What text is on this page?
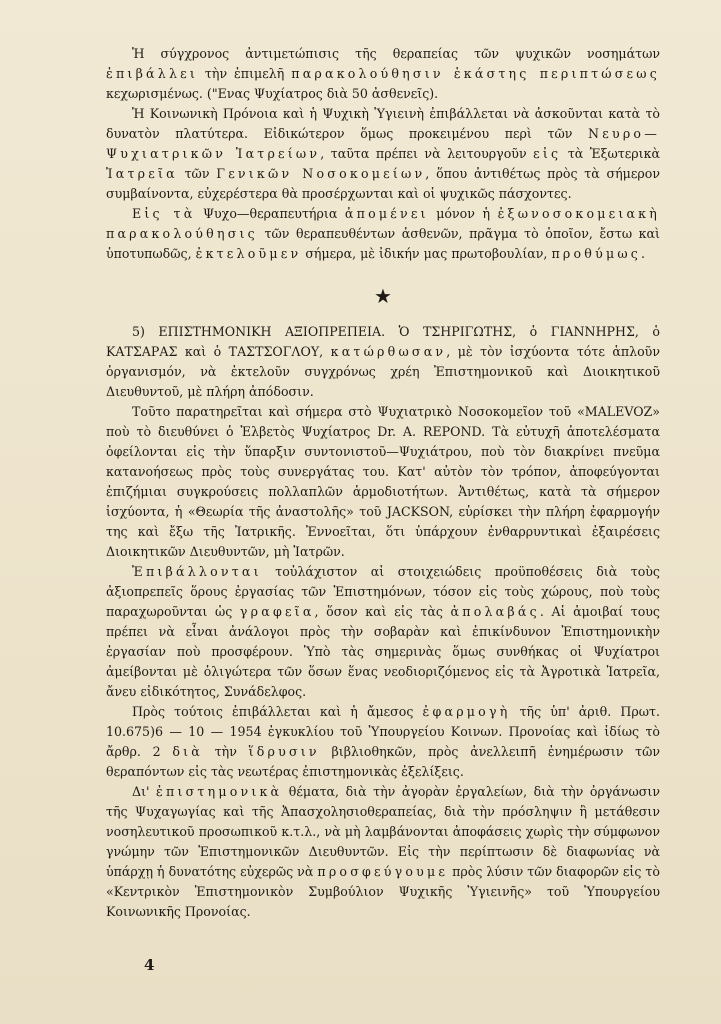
Ἡ σύγχρονος ἀντιμετώπισις τῆς θεραπείας τῶν ψυχικῶν νοσημάτων ἐπιβάλλει τὴν ἐπιμελῆ παρακολούθησιν ἑκάστης περιπτώσεως κεχωρισμένως. ("Ενας Ψυχίατρος διὰ 50 ἀσθενεῖς).

Ἡ Κοινωνικὴ Πρόνοια καὶ ἡ Ψυχικὴ Ὑγιεινὴ ἐπιβάλλεται νὰ ἀσκοῦνται κατὰ τὸ δυνατὸν πλατύτερα. Εἰδικώτερον ὅμως προκειμένου περὶ τῶν Νευρο—Ψυχιατρικῶν Ἰατρείων, ταῦτα πρέπει νὰ λειτουργοῦν εἰς τὰ Ἐξωτερικὰ Ἰατρεῖα τῶν Γενικῶν Νοσοκομείων, ὅπου ἀντιθέτως πρὸς τὰ σήμερον συμβαίνοντα, εὐχερέστερα θὰ προσέρχωνται καὶ οἱ ψυχικῶς πάσχοντες.

Εἰς τὰ Ψυχο—θεραπευτήρια ἀπομένει μόνον ἡ ἐξωνοσοκομειακὴ παρακολούθησις τῶν θεραπευθέντων ἀσθενῶν, πρᾶγμα τὸ ὁποῖον, ἔστω καὶ ὑποτυπωδῶς, ἐκτελοῦμεν σήμερα, μὲ ἰδικήν μας πρωτοβουλίαν, προθύμως.

★

5) ΕΠΙΣΤΗΜΟΝΙΚΗ ΑΞΙΟΠΡΕΠΕΙΑ. Ὁ ΤΣΗΡΙΓΩΤΗΣ, ὁ ΓΙΑΝΝΗΡΗΣ, ὁ ΚΑΤΣΑΡΑΣ καὶ ὁ ΤΑΣΤΣΟΓΛΟΥ, κατώρθωσαν, μὲ τὸν ἰσχύοντα τότε ἁπλοῦν ὀργανισμόν, νὰ ἐκτελοῦν συγχρόνως χρέη Ἐπιστημονικοῦ καὶ Διοικητικοῦ Διευθυντοῦ, μὲ πλήρη ἀπόδοσιν.

Τοῦτο παρατηρεῖται καὶ σήμερα στὸ Ψυχιατρικὸ Νοσοκομεῖον τοῦ «MALEVOZ» ποὺ τὸ διευθύνει ὁ Ἑλβετὸς Ψυχίατρος Dr. A. REPOND. Τὰ εὐτυχῆ ἀποτελέσματα ὀφείλονται εἰς τὴν ὕπαρξιν συντονιστοῦ—Ψυχιάτρου, ποὺ τὸν διακρίνει πνεῦμα κατανοήσεως πρὸς τοὺς συνεργάτας του. Κατ' αὐτὸν τὸν τρόπον, ἀποφεύγονται ἐπιζήμιαι συγκρούσεις πολλαπλῶν ἁρμοδιοτήτων. Ἀντιθέτως, κατὰ τὰ σήμερον ἰσχύοντα, ἡ «Θεωρία τῆς ἀναστολῆς» τοῦ JACKSON, εὑρίσκει τὴν πλήρη ἐφαρμογήν της καὶ ἔξω τῆς Ἰατρικῆς. Ἐννοεῖται, ὅτι ὑπάρχουν ἐνθαρρυντικαὶ ἐξαιρέσεις Διοικητικῶν Διευθυντῶν, μὴ Ἰατρῶν.

Ἐπιβάλλονται τοὐλάχιστον αἱ στοιχειώδεις προϋποθέσεις διὰ τοὺς ἀξιοπρεπεῖς ὅρους ἐργασίας τῶν Ἐπιστημόνων, τόσον εἰς τοὺς χώρους, ποὺ τοὺς παραχωροῦνται ὡς γραφεῖα, ὅσον καὶ εἰς τὰς ἀπολαβάς. Αἱ ἀμοιβαί τους πρέπει νὰ εἶναι ἀνάλογοι πρὸς τὴν σοβαρὰν καὶ ἐπικίνδυνον Ἐπιστημονικὴν ἐργασίαν ποὺ προσφέρουν. Ὑπὸ τὰς σημερινὰς ὅμως συνθήκας οἱ Ψυχίατροι ἀμείβονται μὲ ὀλιγώτερα τῶν ὅσων ἕνας νεοδιοριζόμενος εἰς τὰ Ἀγροτικὰ Ἰατρεῖα, ἄνευ εἰδικότητος, Συνάδελφος.

Πρὸς τούτοις ἐπιβάλλεται καὶ ἡ ἄμεσος ἐφαρμογὴ τῆς ὑπ' ἀριθ. Πρωτ. 10.675)6 — 10 — 1954 ἐγκυκλίου τοῦ Ὑπουργείου Κοινων. Προνοίας καὶ ἰδίως τὸ ἄρθρ. 2 διὰ τὴν ἵδρυσιν βιβλιοθηκῶν, πρὸς ἀνελλειπῆ ἐνημέρωσιν τῶν θεραπόντων εἰς τὰς νεωτέρας ἐπιστημονικὰς ἐξελίξεις.

Δι' ἐπιστημονικὰ θέματα, διὰ τὴν ἀγορὰν ἐργαλείων, διὰ τὴν ὀργάνωσιν τῆς Ψυχαγωγίας καὶ τῆς Ἀπασχολησιοθεραπείας, διὰ τὴν πρόσληψιν ἢ μετάθεσιν νοσηλευτικοῦ προσωπικοῦ κ.τ.λ., νὰ μὴ λαμβάνονται ἀποφάσεις χωρὶς τὴν σύμφωνον γνώμην τῶν Ἐπιστημονικῶν Διευθυντῶν. Εἰς τὴν περίπτωσιν δὲ διαφωνίας νὰ ὑπάρχῃ ἡ δυνατότης εὐχερῶς νὰ προσφεύγουμε πρὸς λύσιν τῶν διαφορῶν εἰς τὸ «Κεντρικὸν Ἐπιστημονικὸν Συμβούλιον Ψυχικῆς Ὑγιεινῆς» τοῦ Ὑπουργείου Κοινωνικῆς Προνοίας.

4
